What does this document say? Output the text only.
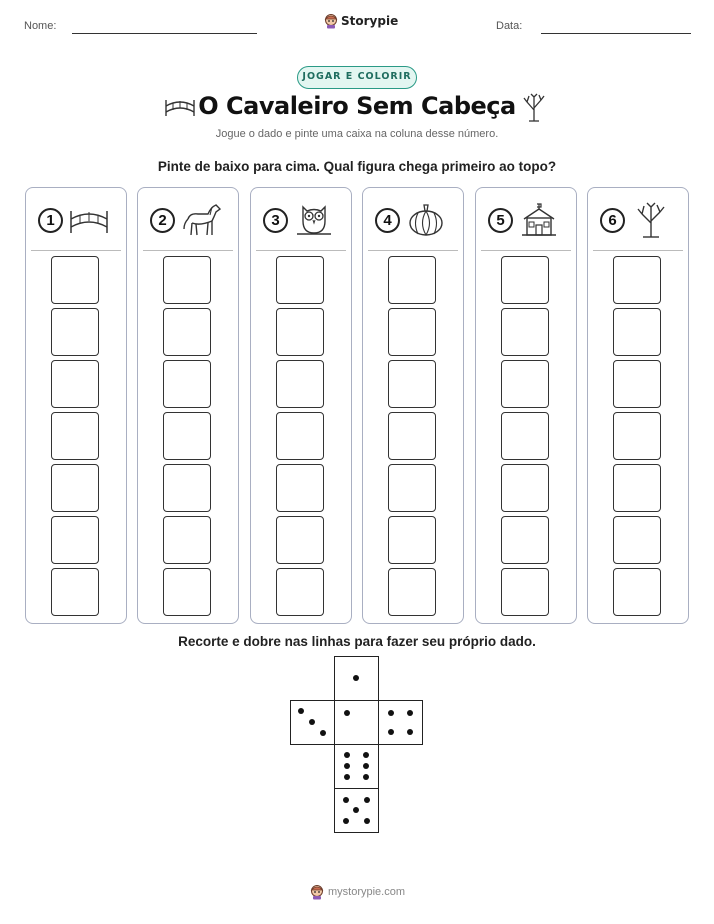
Nome:	Storypie	Data:
JOGAR E COLORIR
O Cavaleiro Sem Cabeça
Jogue o dado e pinte uma caixa na coluna desse número.
Pinte de baixo para cima. Qual figura chega primeiro ao topo?
1	2	3	4	5	6
Recorte e dobre nas linhas para fazer seu próprio dado.
mystorypie.com
